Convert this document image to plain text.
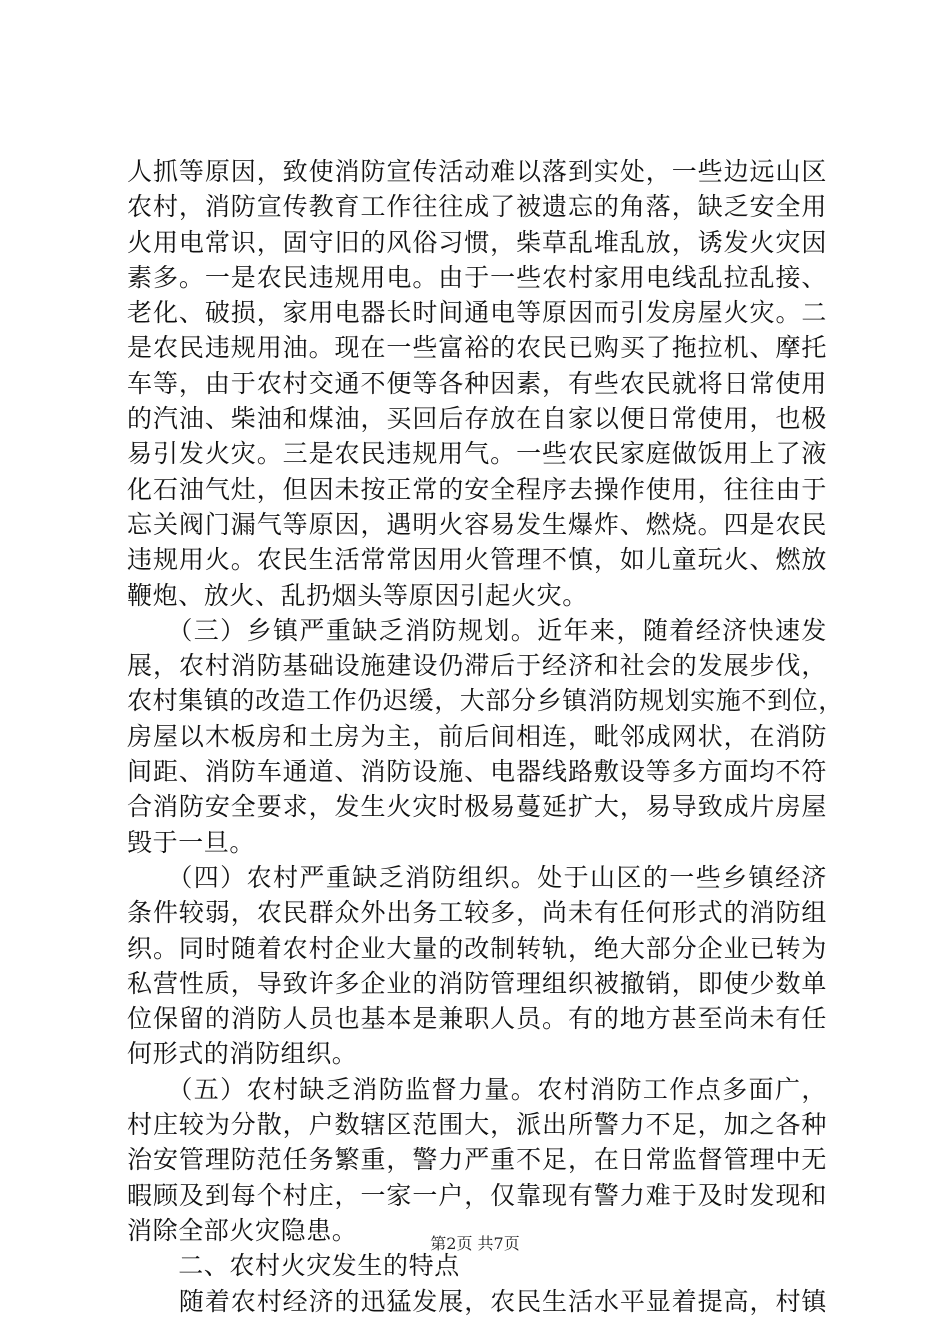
人抓等原因，致使消防宣传活动难以落到实处，一些边远山区
农村，消防宣传教育工作往往成了被遗忘的角落，缺乏安全用
火用电常识，固守旧的风俗习惯，柴草乱堆乱放，诱发火灾因
素多。一是农民违规用电。由于一些农村家用电线乱拉乱接、
老化、破损，家用电器长时间通电等原因而引发房屋火灾。二
是农民违规用油。现在一些富裕的农民已购买了拖拉机、摩托
车等，由于农村交通不便等各种因素，有些农民就将日常使用
的汽油、柴油和煤油，买回后存放在自家以便日常使用，也极
易引发火灾。三是农民违规用气。一些农民家庭做饭用上了液
化石油气灶，但因未按正常的安全程序去操作使用，往往由于
忘关阀门漏气等原因，遇明火容易发生爆炸、燃烧。四是农民
违规用火。农民生活常常因用火管理不慎，如儿童玩火、燃放
鞭炮、放火、乱扔烟头等原因引起火灾。
　　（三）乡镇严重缺乏消防规划。近年来，随着经济快速发
展，农村消防基础设施建设仍滞后于经济和社会的发展步伐，
农村集镇的改造工作仍迟缓，大部分乡镇消防规划实施不到位，
房屋以木板房和土房为主，前后间相连，毗邻成网状，在消防
间距、消防车通道、消防设施、电器线路敷设等多方面均不符
合消防安全要求，发生火灾时极易蔓延扩大，易导致成片房屋
毁于一旦。
　　（四）农村严重缺乏消防组织。处于山区的一些乡镇经济
条件较弱，农民群众外出务工较多，尚未有任何形式的消防组
织。同时随着农村企业大量的改制转轨，绝大部分企业已转为
私营性质，导致许多企业的消防管理组织被撤销，即使少数单
位保留的消防人员也基本是兼职人员。有的地方甚至尚未有任
何形式的消防组织。
　　（五）农村缺乏消防监督力量。农村消防工作点多面广，
村庄较为分散，户数辖区范围大，派出所警力不足，加之各种
治安管理防范任务繁重，警力严重不足，在日常监督管理中无
暇顾及到每个村庄，一家一户，仅靠现有警力难于及时发现和
消除全部火灾隐患。
　　二、农村火灾发生的特点
　　随着农村经济的迅猛发展，农民生活水平显着提高，村镇
第2页 共7页
